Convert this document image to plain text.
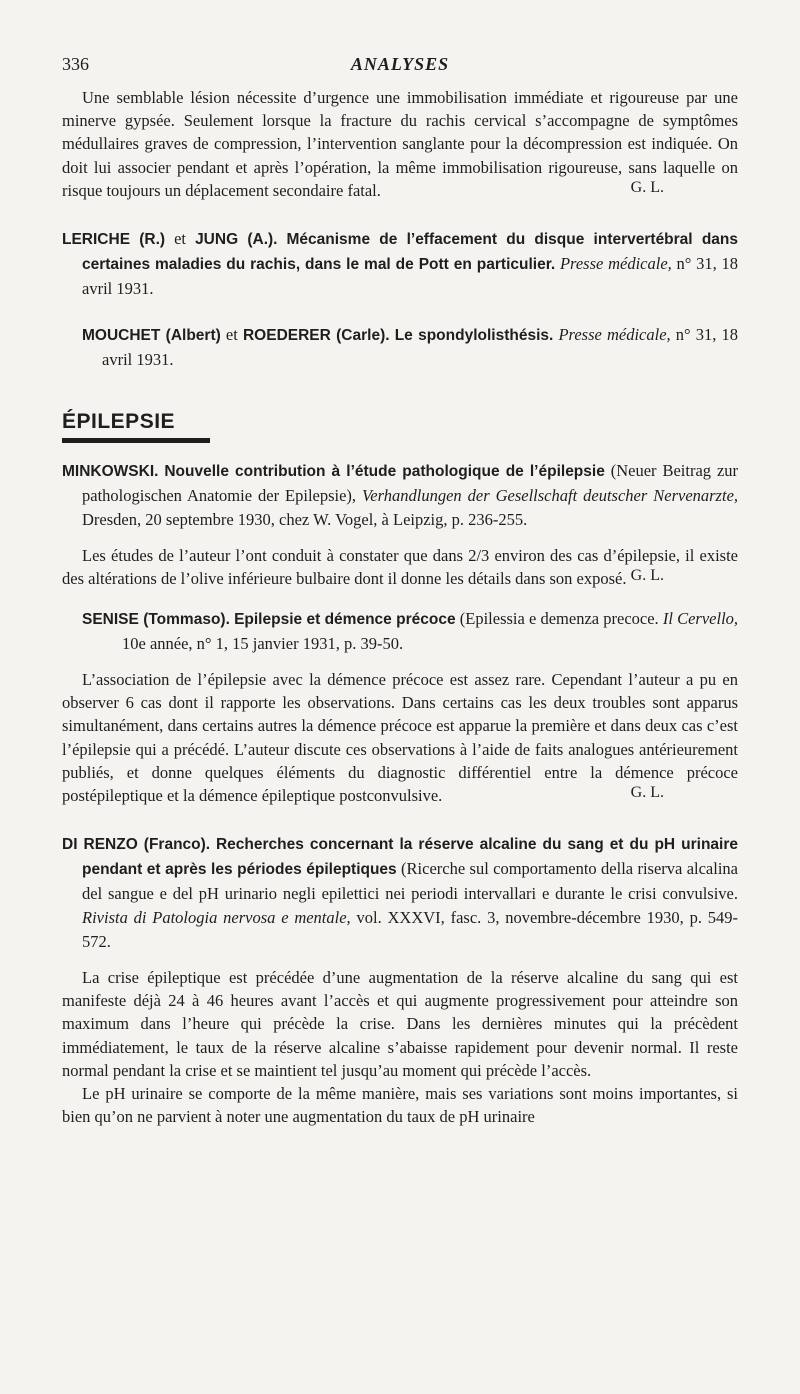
336	ANALYSES

Une semblable lésion nécessite d’urgence une immobilisation immédiate et rigoureuse par une minerve gypsée. Seulement lorsque la fracture du rachis cervical s’accompagne de symptômes médullaires graves de compression, l’intervention sanglante pour la décompression est indiquée. On doit lui associer pendant et après l’opération, la même immobilisation rigoureuse, sans laquelle on risque toujours un déplacement secondaire fatal.	G. L.

LERICHE (R.) et JUNG (A.). Mécanisme de l’effacement du disque intervertébral dans certaines maladies du rachis, dans le mal de Pott en particulier. Presse médicale, n° 31, 18 avril 1931.

MOUCHET (Albert) et ROEDERER (Carle). Le spondylolisthésis. Presse médicale, n° 31, 18 avril 1931.

ÉPILEPSIE

MINKOWSKI. Nouvelle contribution à l’étude pathologique de l’épilepsie (Neuer Beitrag zur pathologischen Anatomie der Epilepsie), Verhandlungen der Gesellschaft deutscher Nervenarzte, Dresden, 20 septembre 1930, chez W. Vogel, à Leipzig, p. 236-255.

Les études de l’auteur l’ont conduit à constater que dans 2/3 environ des cas d’épilepsie, il existe des altérations de l’olive inférieure bulbaire dont il donne les détails dans son exposé. G. L.

SENISE (Tommaso). Epilepsie et démence précoce (Epilessia e demenza precoce. Il Cervello, 10e année, n° 1, 15 janvier 1931, p. 39-50.

L’association de l’épilepsie avec la démence précoce est assez rare. Cependant l’auteur a pu en observer 6 cas dont il rapporte les observations. Dans certains cas les deux troubles sont apparus simultanément, dans certains autres la démence précoce est apparue la première et dans deux cas c’est l’épilepsie qui a précédé. L’auteur discute ces observations à l’aide de faits analogues antérieurement publiés, et donne quelques éléments du diagnostic différentiel entre la démence précoce postépileptique et la démence épileptique postconvulsive.	G. L.

DI RENZO (Franco). Recherches concernant la réserve alcaline du sang et du pH urinaire pendant et après les périodes épileptiques (Ricerche sul comportamento della riserva alcalina del sangue e del pH urinario negli epilettici nei periodi intervallari e durante le crisi convulsive. Rivista di Patologia nervosa e mentale, vol. XXXVI, fasc. 3, novembre-décembre 1930, p. 549-572.

La crise épileptique est précédée d’une augmentation de la réserve alcaline du sang qui est manifeste déjà 24 à 46 heures avant l’accès et qui augmente progressivement pour atteindre son maximum dans l’heure qui précède la crise. Dans les dernières minutes qui la précèdent immédiatement, le taux de la réserve alcaline s’abaisse rapidement pour devenir normal. Il reste normal pendant la crise et se maintient tel jusqu’au moment qui précède l’accès.

Le pH urinaire se comporte de la même manière, mais ses variations sont moins importantes, si bien qu’on ne parvient à noter une augmentation du taux de pH urinaire
